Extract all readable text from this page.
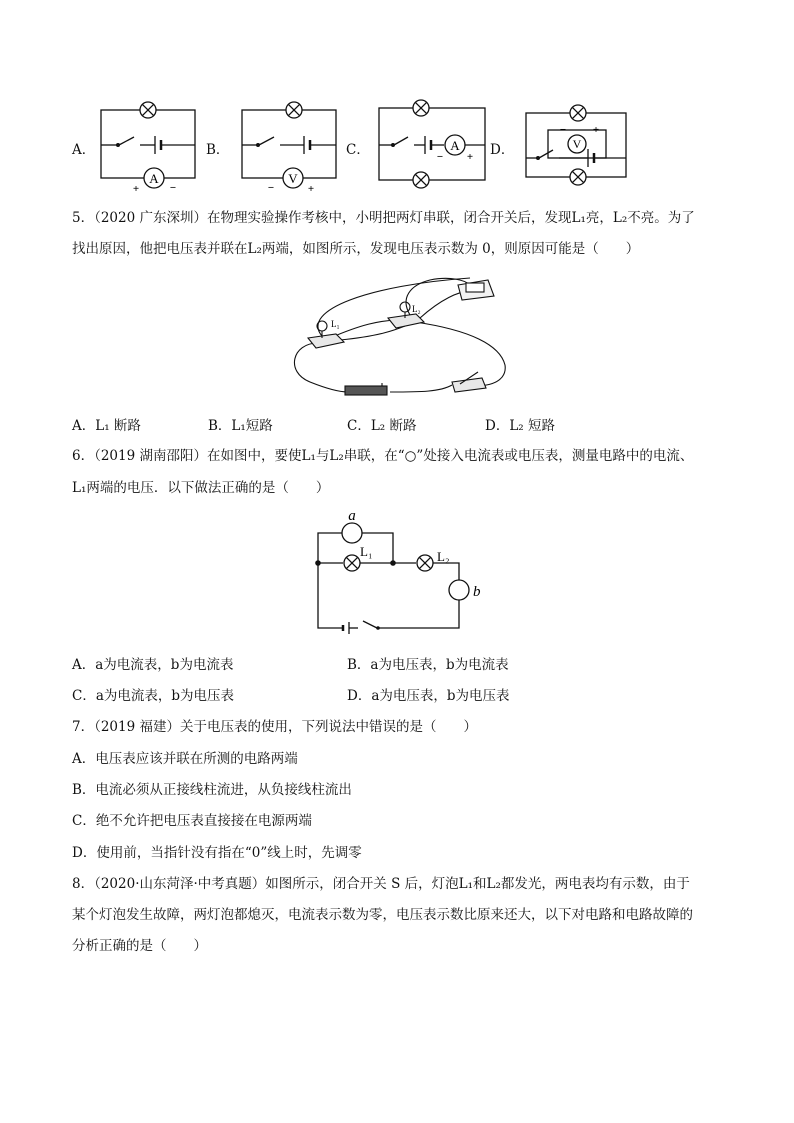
A．	B．	C．	D．
A
+	−
V
−	+
A
− +
V
− +
5．（2020 广东深圳）在物理实验操作考核中，小明把两灯串联，闭合开关后，发现L₁亮，L₂不亮。为了
找出原因，他把电压表并联在L₂两端，如图所示，发现电压表示数为 0，则原因可能是（　　）
L₁
L₂
A．L₁ 断路	B．L₁短路	C．L₂ 断路	D．L₂ 短路
6．（2019 湖南邵阳）在如图中，要使L₁与L₂串联，在“○”处接入电流表或电压表，测量电路中的电流、
L₁两端的电压．以下做法正确的是（　　）
a
L₁	L₂
b
A．a为电流表，b为电流表	B．a为电压表，b为电流表
C．a为电流表，b为电压表	D．a为电压表，b为电压表
7．（2019 福建）关于电压表的使用，下列说法中错误的是（　　）
A．电压表应该并联在所测的电路两端
B．电流必须从正接线柱流进，从负接线柱流出
C．绝不允许把电压表直接接在电源两端
D．使用前，当指针没有指在“0”线上时，先调零
8．（2020·山东菏泽·中考真题）如图所示，闭合开关 S 后，灯泡L₁和L₂都发光，两电表均有示数，由于
某个灯泡发生故障，两灯泡都熄灭，电流表示数为零，电压表示数比原来还大，以下对电路和电路故障的
分析正确的是（　　）
